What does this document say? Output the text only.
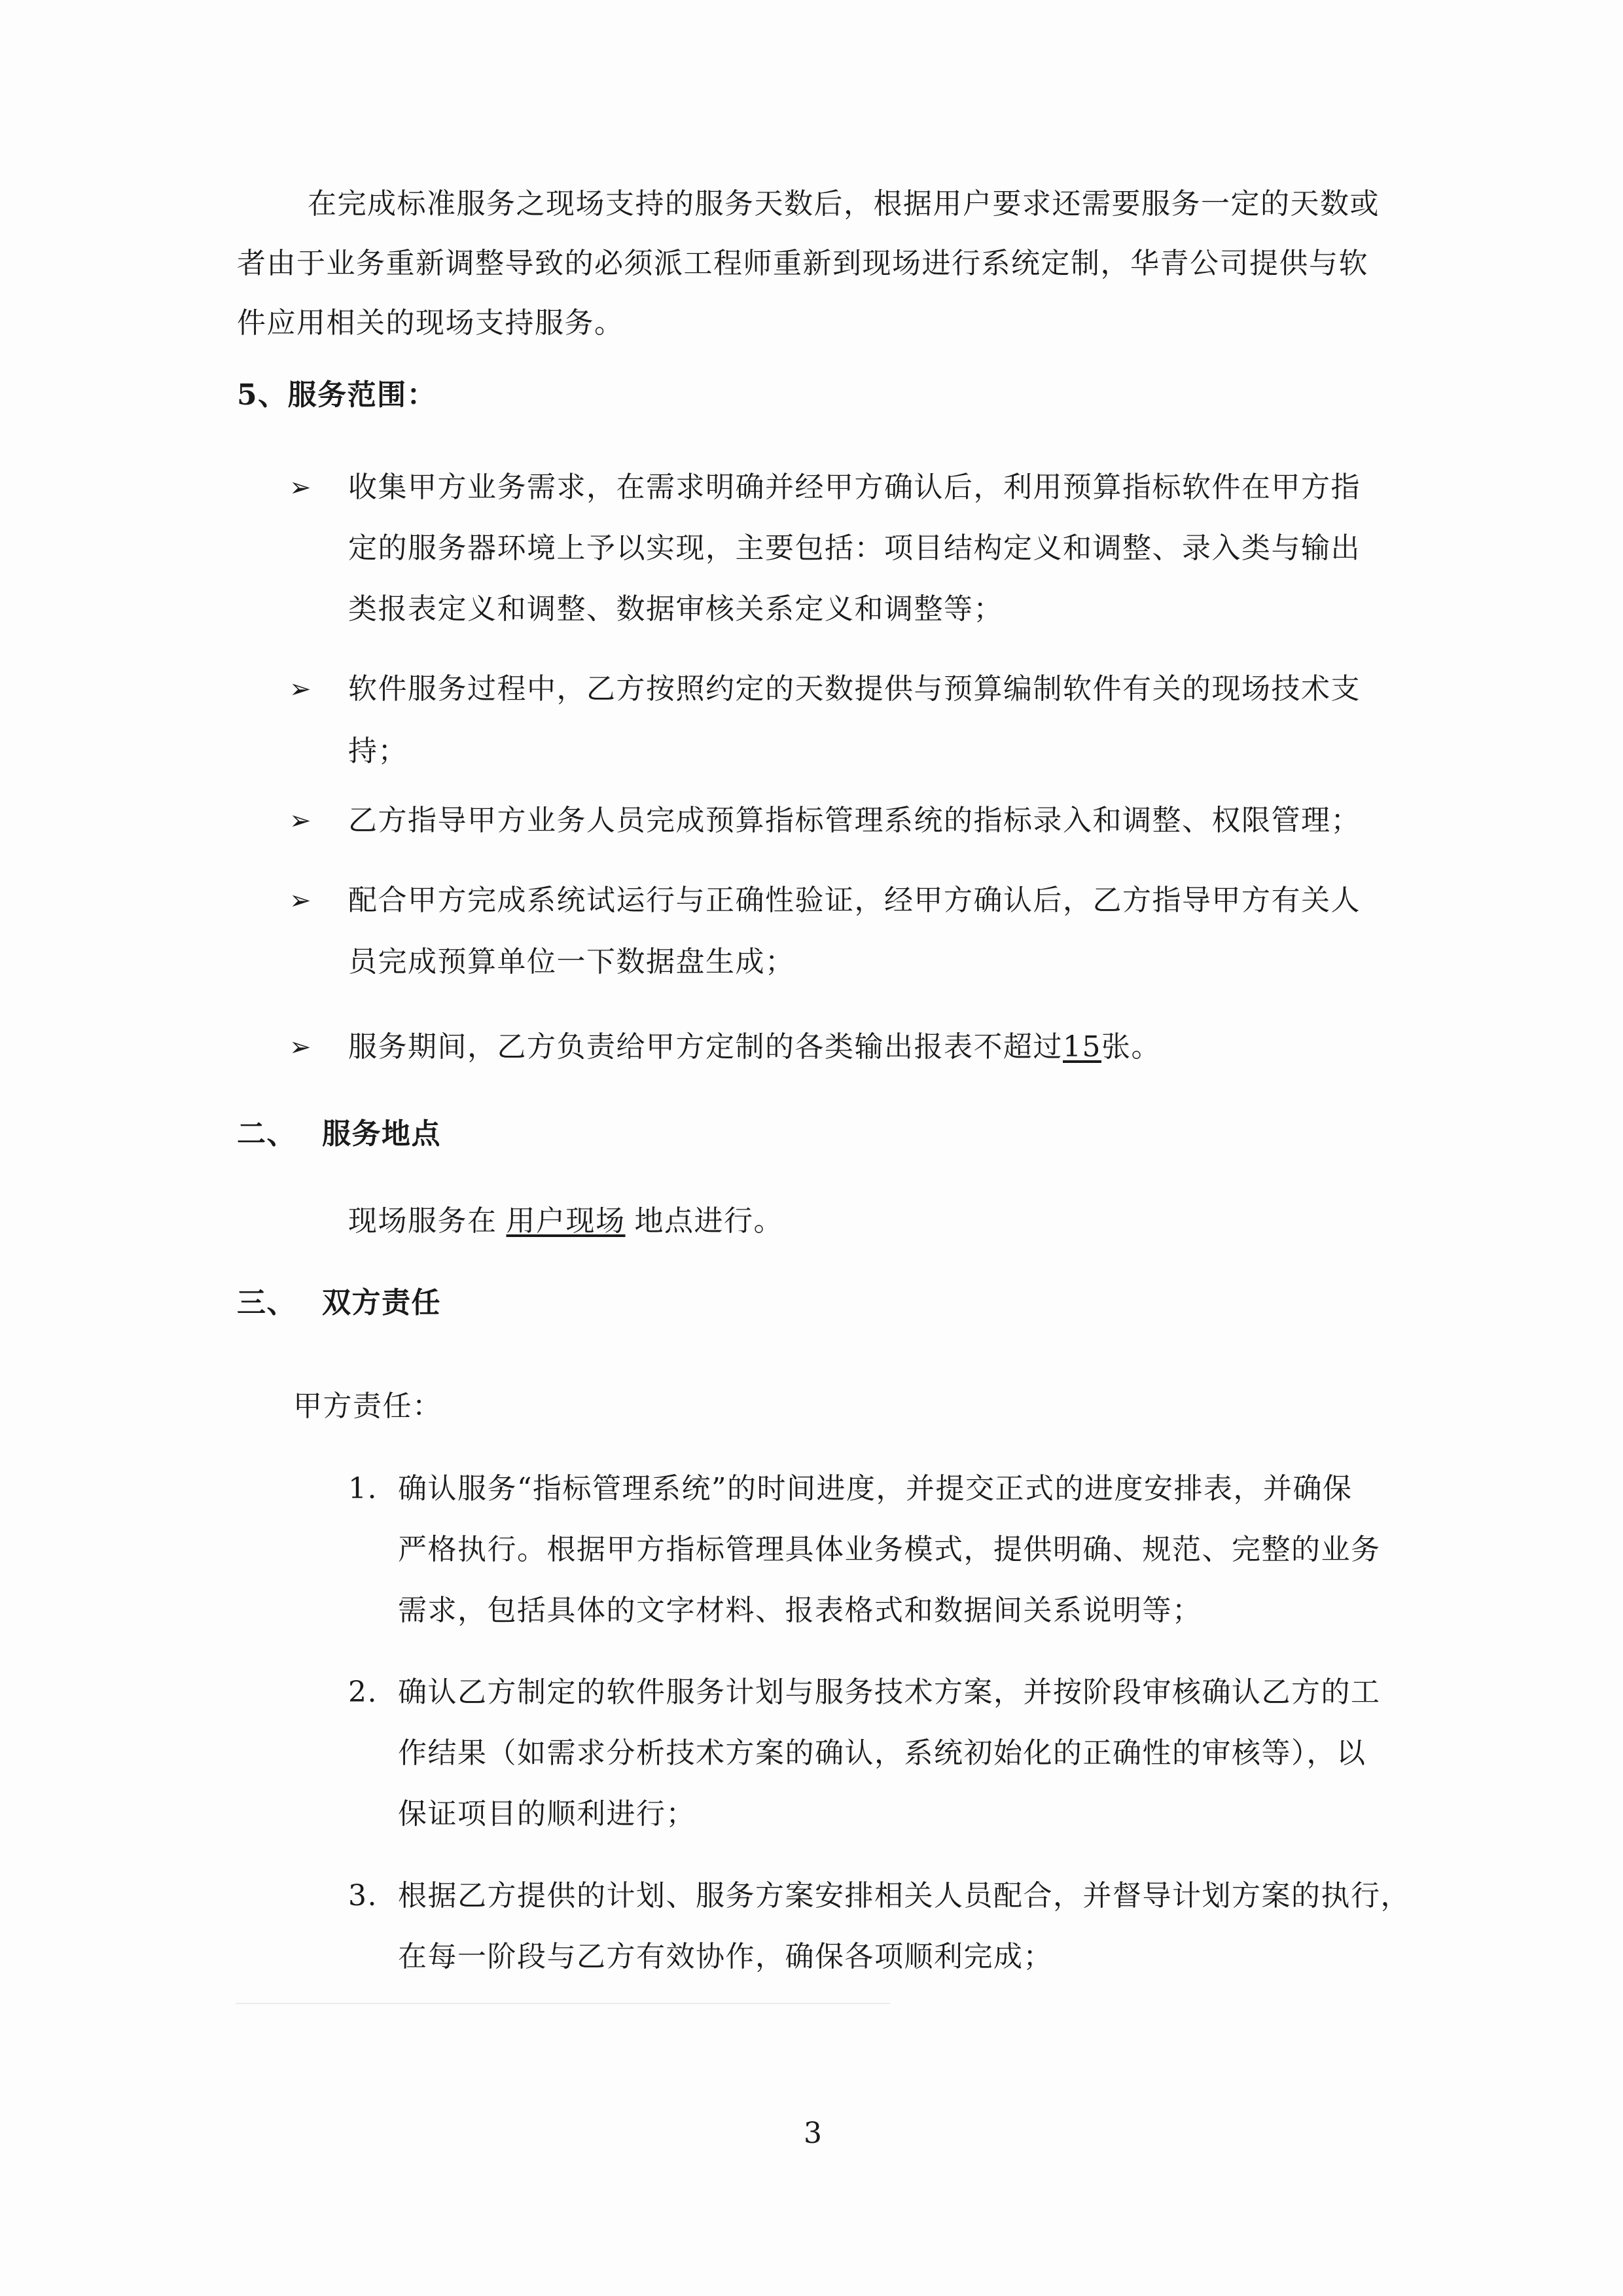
在完成标准服务之现场支持的服务天数后，根据用户要求还需要服务一定的天数或
者由于业务重新调整导致的必须派工程师重新到现场进行系统定制，华青公司提供与软
件应用相关的现场支持服务。
5、服务范围：
➢ 收集甲方业务需求，在需求明确并经甲方确认后，利用预算指标软件在甲方指
定的服务器环境上予以实现，主要包括：项目结构定义和调整、录入类与输出
类报表定义和调整、数据审核关系定义和调整等；
➢ 软件服务过程中，乙方按照约定的天数提供与预算编制软件有关的现场技术支
持；
➢ 乙方指导甲方业务人员完成预算指标管理系统的指标录入和调整、权限管理；
➢ 配合甲方完成系统试运行与正确性验证，经甲方确认后，乙方指导甲方有关人
员完成预算单位一下数据盘生成；
➢ 服务期间，乙方负责给甲方定制的各类输出报表不超过15张。
二、 服务地点
现场服务在 用户现场 地点进行。
三、 双方责任
甲方责任：
1. 确认服务“指标管理系统”的时间进度，并提交正式的进度安排表，并确保
严格执行。根据甲方指标管理具体业务模式，提供明确、规范、完整的业务
需求，包括具体的文字材料、报表格式和数据间关系说明等；
2. 确认乙方制定的软件服务计划与服务技术方案，并按阶段审核确认乙方的工
作结果（如需求分析技术方案的确认，系统初始化的正确性的审核等），以
保证项目的顺利进行；
3. 根据乙方提供的计划、服务方案安排相关人员配合，并督导计划方案的执行，
在每一阶段与乙方有效协作，确保各项顺利完成；
3
